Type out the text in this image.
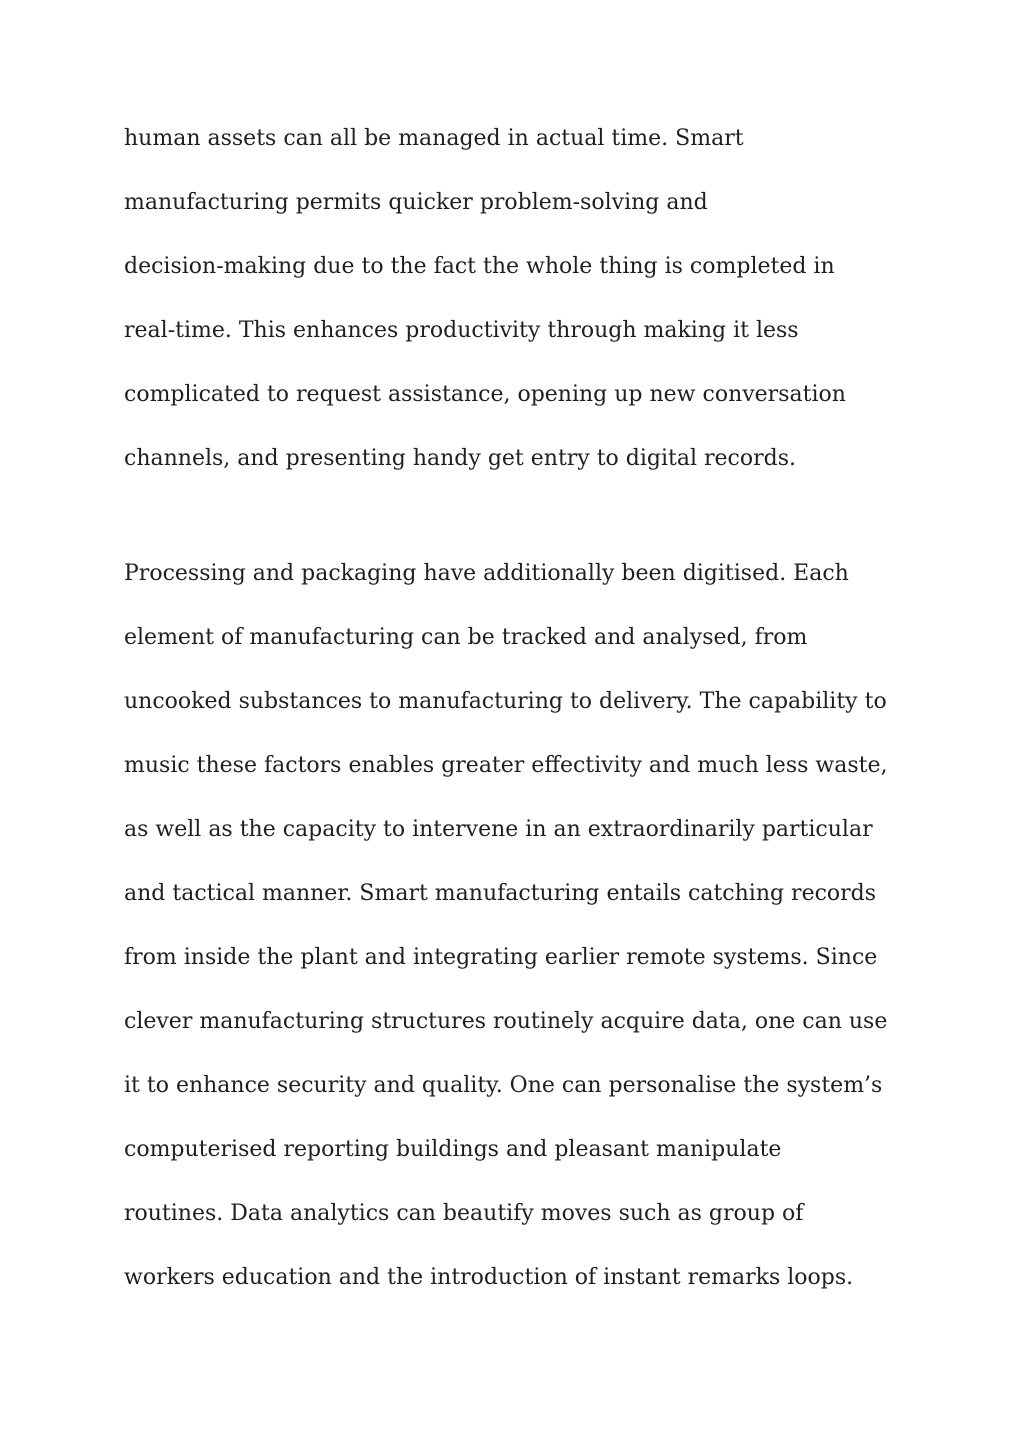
human assets can all be managed in actual time. Smart
manufacturing permits quicker problem-solving and
decision-making due to the fact the whole thing is completed in
real-time. This enhances productivity through making it less
complicated to request assistance, opening up new conversation
channels, and presenting handy get entry to digital records.
Processing and packaging have additionally been digitised. Each
element of manufacturing can be tracked and analysed, from
uncooked substances to manufacturing to delivery. The capability to
music these factors enables greater effectivity and much less waste,
as well as the capacity to intervene in an extraordinarily particular
and tactical manner. Smart manufacturing entails catching records
from inside the plant and integrating earlier remote systems. Since
clever manufacturing structures routinely acquire data, one can use
it to enhance security and quality. One can personalise the system’s
computerised reporting buildings and pleasant manipulate
routines. Data analytics can beautify moves such as group of
workers education and the introduction of instant remarks loops.
